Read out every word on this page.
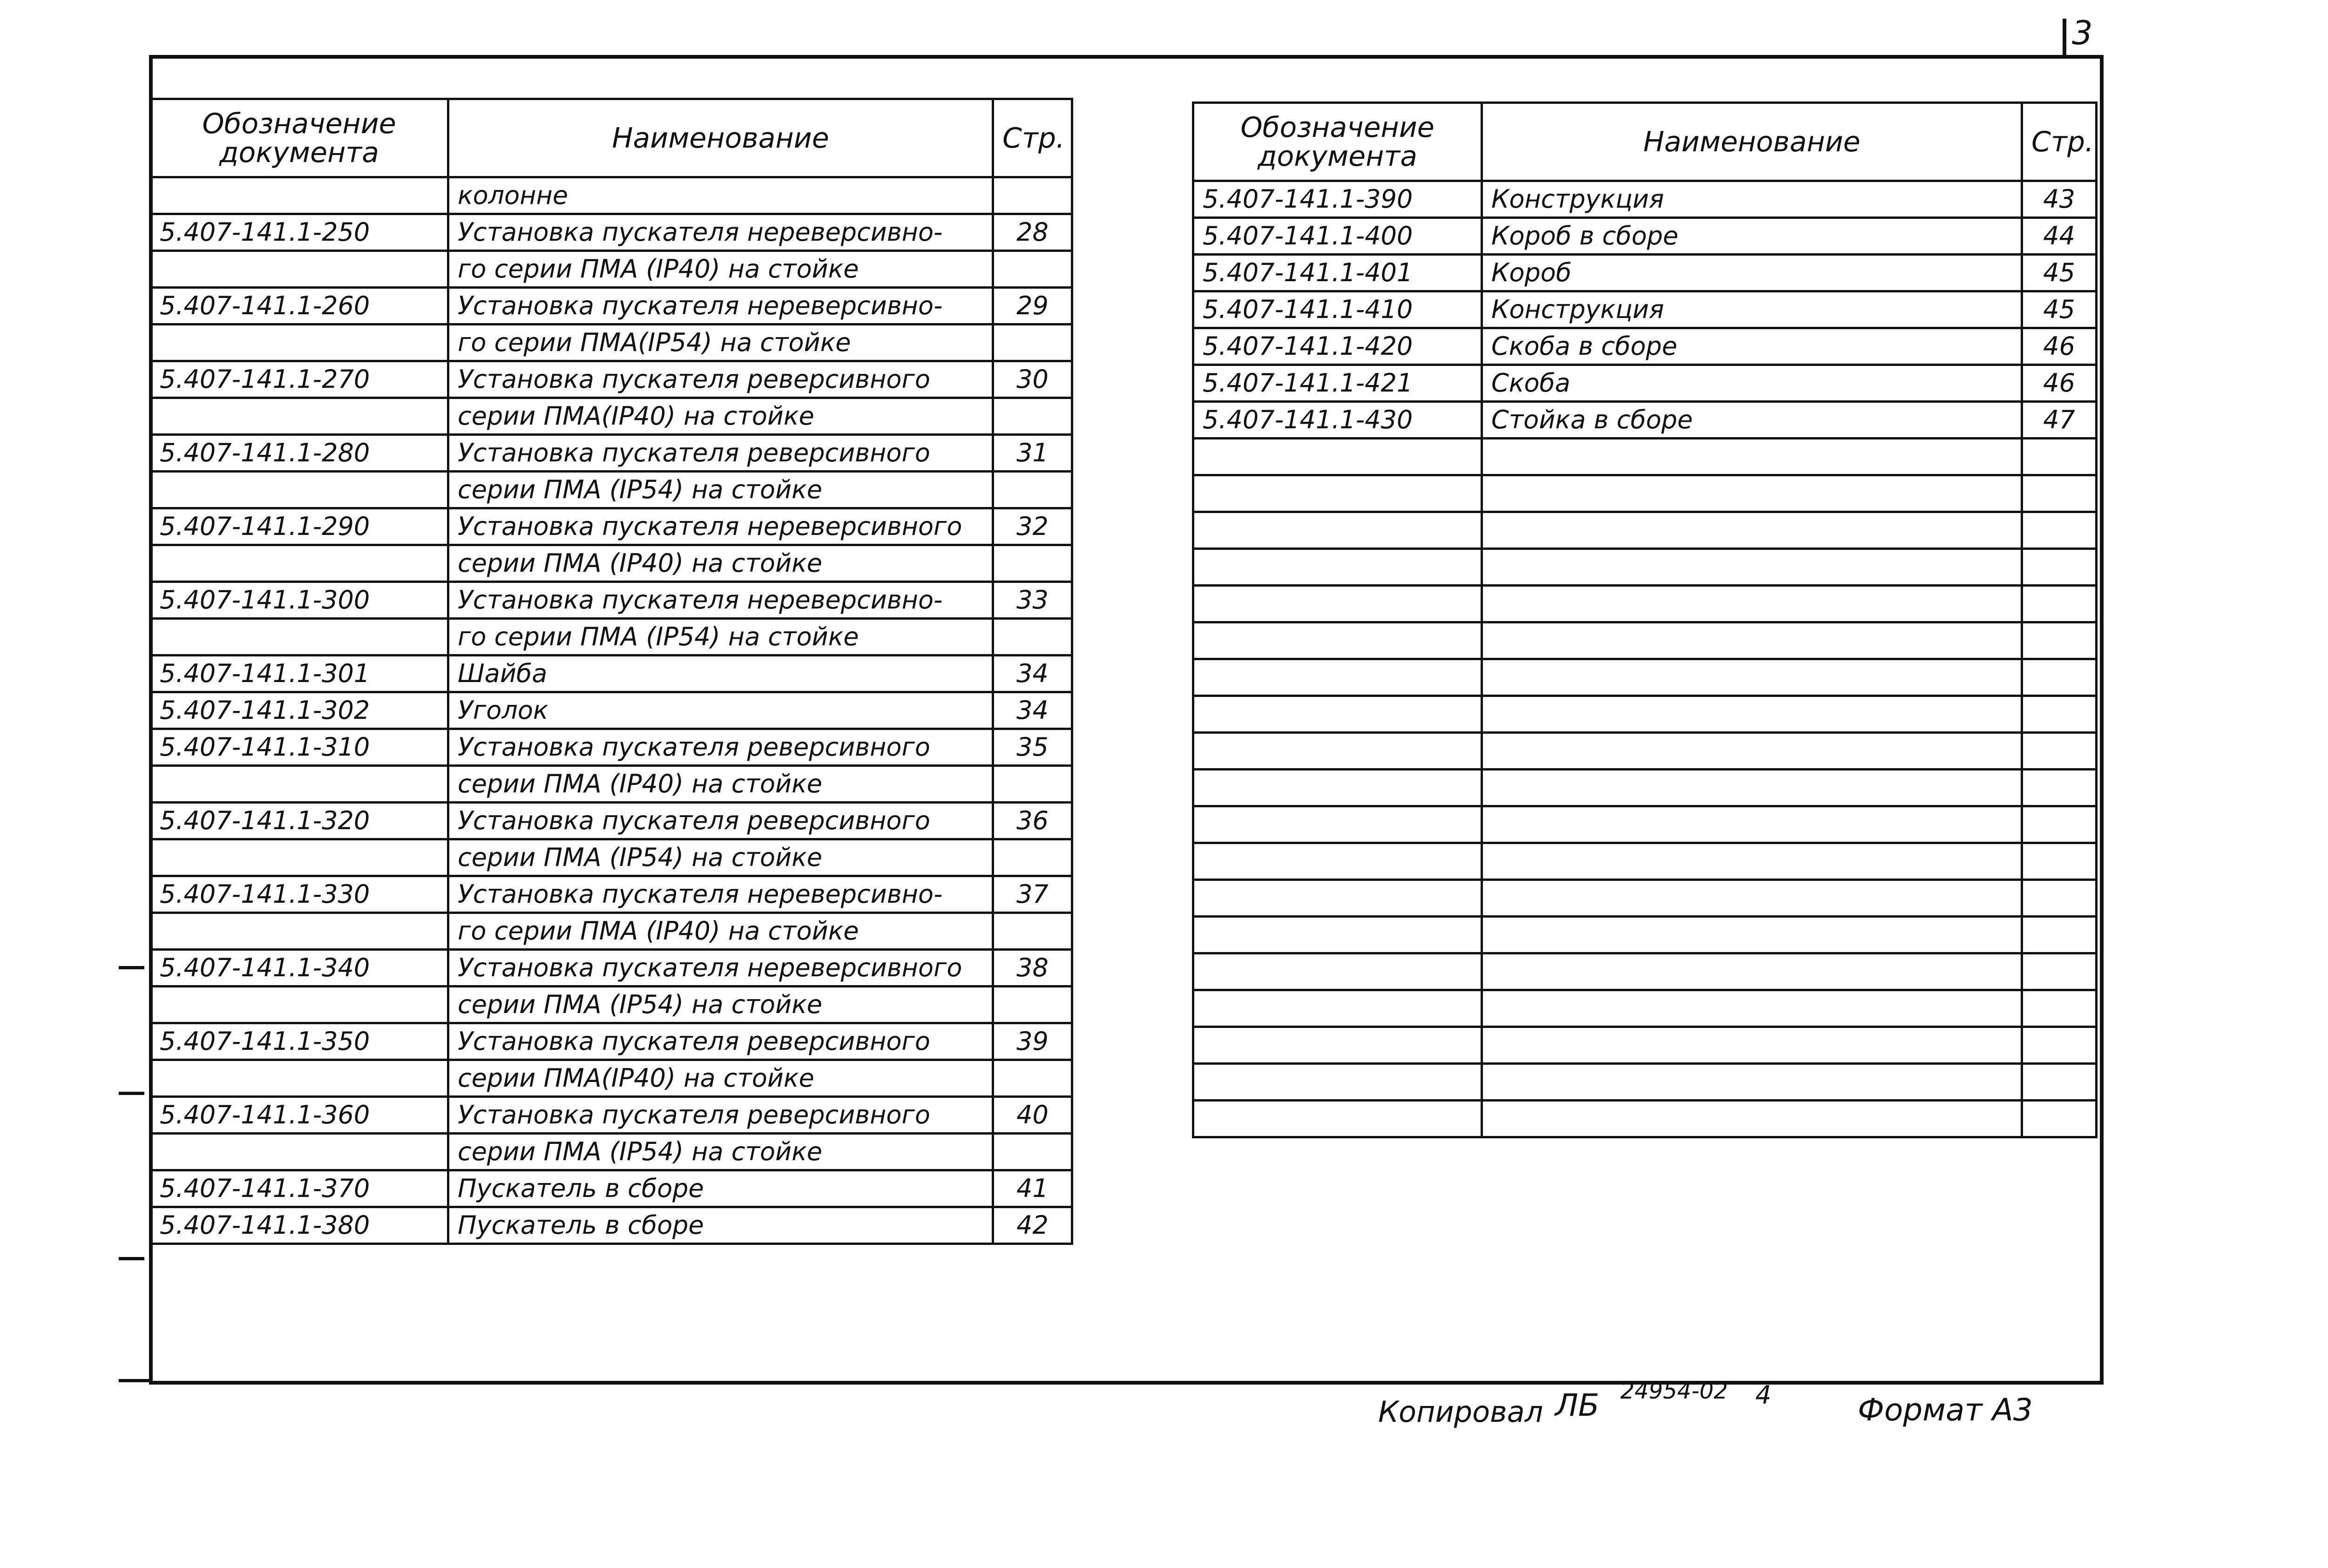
3
Обозначение
документа	Наименование	Стр.
	колонне	
5.407-141.1-250	Установка пускателя нереверсивно-	28
	го серии ПМА (IP40) на стойке	
5.407-141.1-260	Установка пускателя нереверсивно-	29
	го серии ПМА(IP54) на стойке	
5.407-141.1-270	Установка пускателя реверсивного	30
	серии ПМА(IP40) на стойке	
5.407-141.1-280	Установка пускателя реверсивного	31
	серии ПМА (IP54) на стойке	
5.407-141.1-290	Установка пускателя нереверсивного	32
	серии ПМА (IP40) на стойке	
5.407-141.1-300	Установка пускателя нереверсивно-	33
	го серии ПМА (IP54) на стойке	
5.407-141.1-301	Шайба	34
5.407-141.1-302	Уголок	34
5.407-141.1-310	Установка пускателя реверсивного	35
	серии ПМА (IP40) на стойке	
5.407-141.1-320	Установка пускателя реверсивного	36
	серии ПМА (IP54) на стойке	
5.407-141.1-330	Установка пускателя нереверсивно-	37
	го серии ПМА (IP40) на стойке	
5.407-141.1-340	Установка пускателя нереверсивного	38
	серии ПМА (IP54) на стойке	
5.407-141.1-350	Установка пускателя реверсивного	39
	серии ПМА(IP40) на стойке	
5.407-141.1-360	Установка пускателя реверсивного	40
	серии ПМА (IP54) на стойке	
5.407-141.1-370	Пускатель в сборе	41
5.407-141.1-380	Пускатель в сборе	42
Обозначение
документа	Наименование	Стр.
5.407-141.1-390	Конструкция	43
5.407-141.1-400	Короб в сборе	44
5.407-141.1-401	Короб	45
5.407-141.1-410	Конструкция	45
5.407-141.1-420	Скоба в сборе	46
5.407-141.1-421	Скоба	46
5.407-141.1-430	Стойка в сборе	47

Копировал ЛБ 24954-02 4	Формат А3
